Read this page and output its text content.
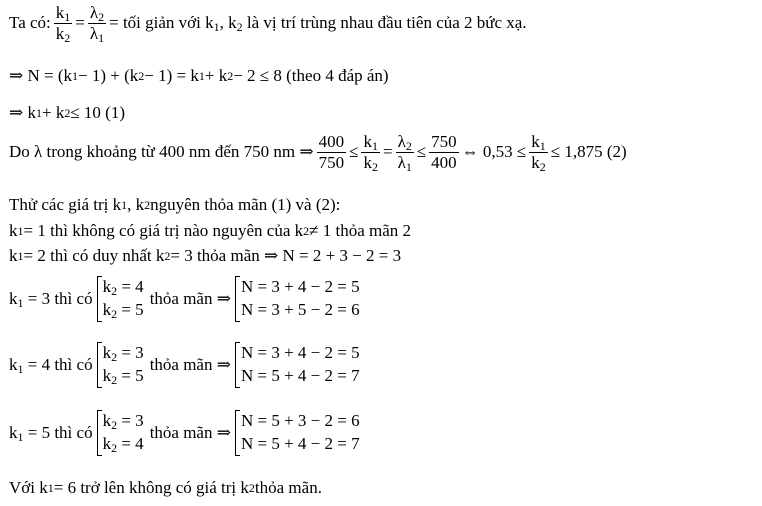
Ta có: $\frac{k_1}{k_2} = \frac{\lambda_2}{\lambda_1}$ = tối giản với $k_1$, $k_2$ là vị trí trùng nhau đầu tiên của 2 bức xạ.
⇒ N = (k 1 − 1) + (k 2 − 1) = k 1 + k 2 − 2 ≤ 8 (theo 4 đáp án)
⇒ k 1 + k 2 ≤ 10 (1)
Do λ trong khoảng từ 400 nm đến 750 nm ⇒ $\frac{400}{750} \le \frac{k_1}{k_2} = \frac{\lambda_2}{\lambda_1} \le \frac{750}{400}$ ⇔ $0,53 \le \frac{k_1}{k_2} \le 1,875$ (2)
Thử các giá trị k 1 , k 2 nguyên thỏa mãn (1) và (2):
k 1 = 1 thì không có giá trị nào nguyên của k 2 ≠ 1 thỏa mãn 2
k 1 = 2 thì có duy nhất k 2 = 3 thỏa mãn ⇒ N = 2 + 3 − 2 = 3
$k_1 = 3$ thì có
$k_2 = 4$
$k_2 = 5$
thỏa mãn ⇒
N = 3 + 4 − 2 = 5
N = 3 + 5 − 2 = 6
$k_1 = 4$ thì có
$k_2 = 3$
$k_2 = 5$
thỏa mãn ⇒
N = 3 + 4 − 2 = 5
N = 5 + 4 − 2 = 7
$k_1 = 5$ thì có
$k_2 = 3$
$k_2 = 4$
thỏa mãn ⇒
N = 5 + 3 − 2 = 6
N = 5 + 4 − 2 = 7
Với k 1 = 6 trở lên không có giá trị k 2 thỏa mãn.
